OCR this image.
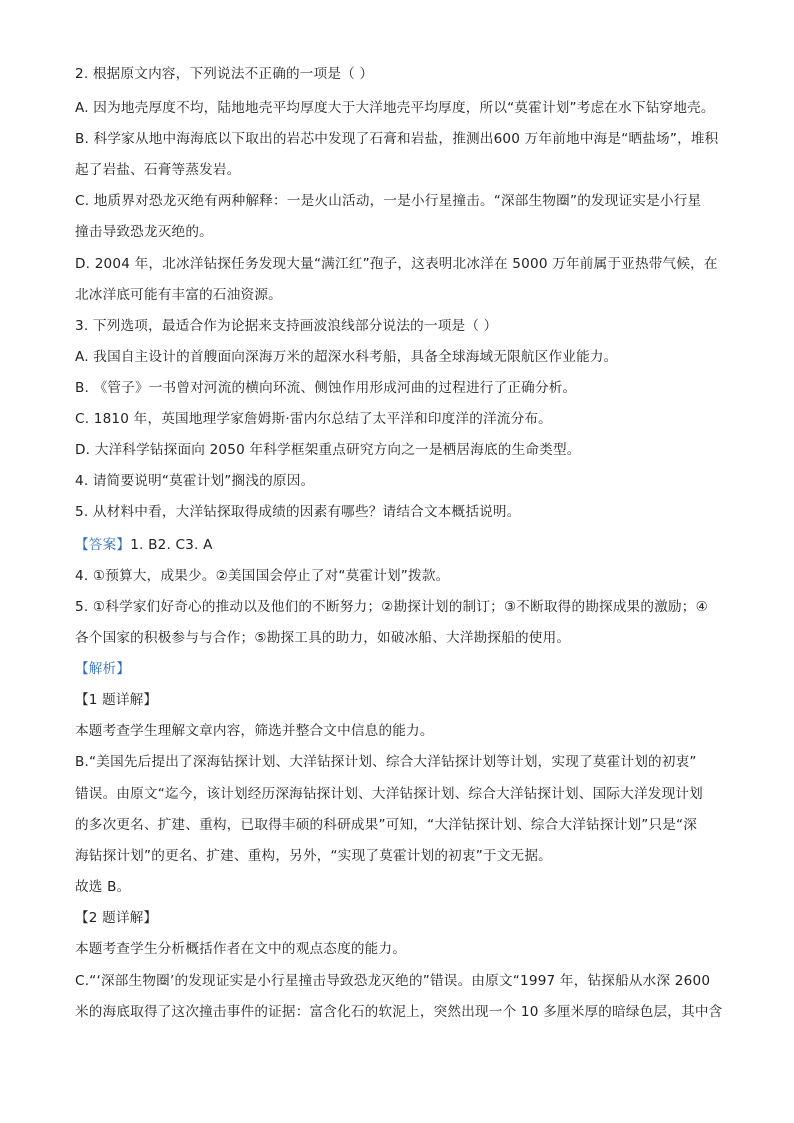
2. 根据原文内容，下列说法不正确的一项是（ ）
A. 因为地壳厚度不均，陆地地壳平均厚度大于大洋地壳平均厚度，所以“莫霍计划”考虑在水下钻穿地壳。
B. 科学家从地中海海底以下取出的岩芯中发现了石膏和岩盐，推测出600 万年前地中海是“晒盐场”，堆积
起了岩盐、石膏等蒸发岩。
C. 地质界对恐龙灭绝有两种解释：一是火山活动，一是小行星撞击。“深部生物圈”的发现证实是小行星
撞击导致恐龙灭绝的。
D. 2004 年，北冰洋钻探任务发现大量“满江红”孢子，这表明北冰洋在 5000 万年前属于亚热带气候，在
北冰洋底可能有丰富的石油资源。
3. 下列选项，最适合作为论据来支持画波浪线部分说法的一项是（ ）
A. 我国自主设计的首艘面向深海万米的超深水科考船，具备全球海域无限航区作业能力。
B. 《管子》一书曾对河流的横向环流、侧蚀作用形成河曲的过程进行了正确分析。
C. 1810 年，英国地理学家詹姆斯·雷内尔总结了太平洋和印度洋的洋流分布。
D. 大洋科学钻探面向 2050 年科学框架重点研究方向之一是栖居海底的生命类型。
4. 请简要说明“莫霍计划”搁浅的原因。
5. 从材料中看，大洋钻探取得成绩的因素有哪些？请结合文本概括说明。
【答案】1. B2. C3. A
4. ①预算大，成果少。②美国国会停止了对“莫霍计划”拨款。
5. ①科学家们好奇心的推动以及他们的不断努力；②勘探计划的制订；③不断取得的勘探成果的激励；④
各个国家的积极参与与合作；⑤勘探工具的助力，如破冰船、大洋勘探船的使用。
【解析】
【1 题详解】
本题考查学生理解文章内容，筛选并整合文中信息的能力。
B.“美国先后提出了深海钻探计划、大洋钻探计划、综合大洋钻探计划等计划，实现了莫霍计划的初衷”
错误。由原文“迄今，该计划经历深海钻探计划、大洋钻探计划、综合大洋钻探计划、国际大洋发现计划
的多次更名、扩建、重构，已取得丰硕的科研成果”可知，“大洋钻探计划、综合大洋钻探计划”只是“深
海钻探计划”的更名、扩建、重构，另外，“实现了莫霍计划的初衷”于文无据。
故选 B。
【2 题详解】
本题考查学生分析概括作者在文中的观点态度的能力。
C.“‘深部生物圈’的发现证实是小行星撞击导致恐龙灭绝的”错误。由原文“1997 年，钻探船从水深 2600
米的海底取得了这次撞击事件的证据：富含化石的软泥上，突然出现一个 10 多厘米厚的暗绿色层，其中含
